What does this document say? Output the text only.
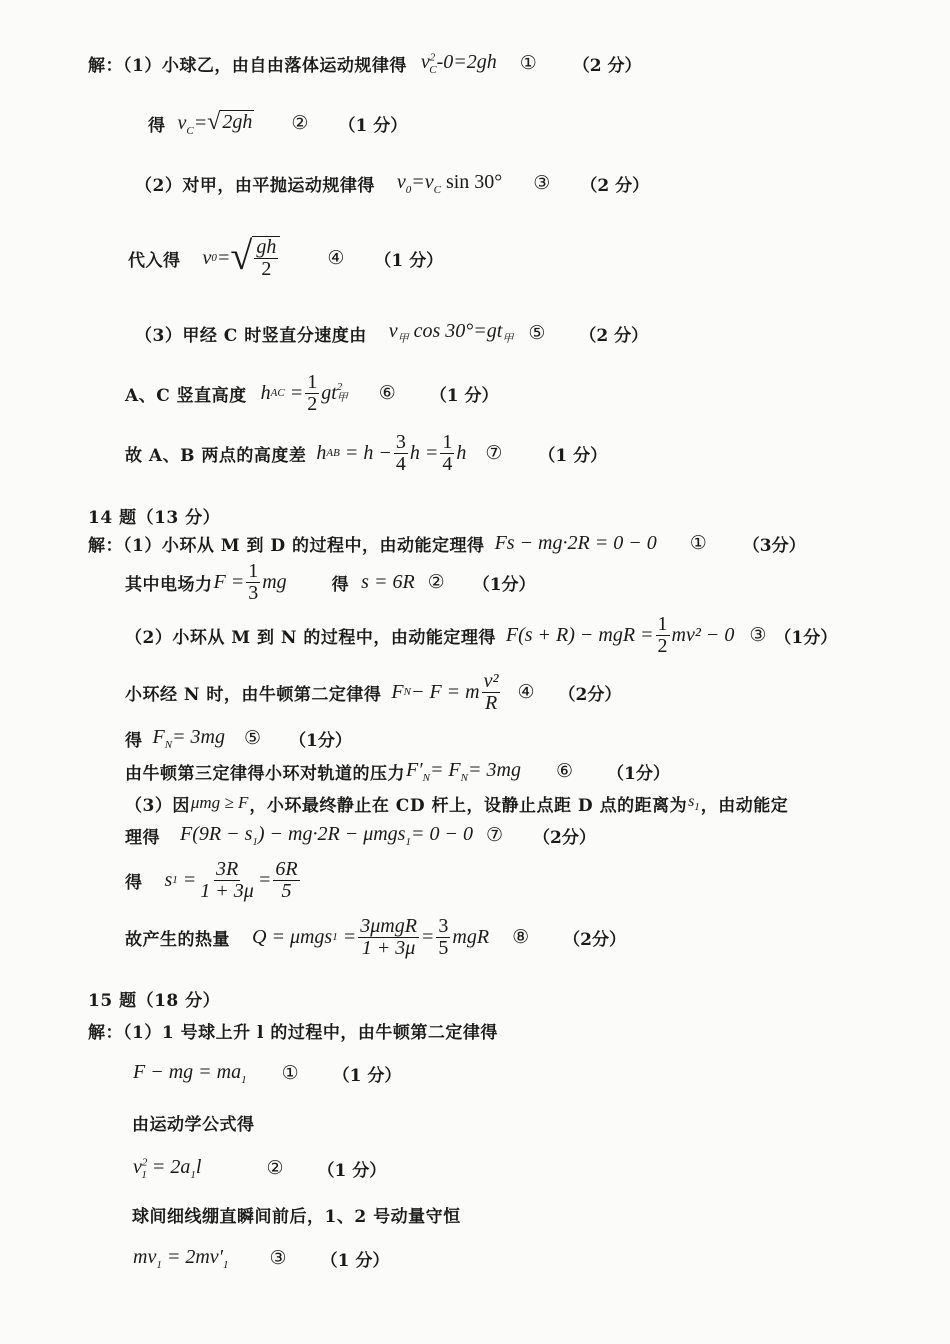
解：（1）小球乙，由自由落体运动规律得 $v^2_C-0=2gh$ ① （2 分）
得 $v_C=$ √ 2gh ② （1 分）
（2）对甲，由平抛运动规律得 $v_0=v_C$ sin 30° ③ （2 分）
代入得 v 0 = √ $\frac{gh}{2}$ ④ （1 分）
（3）甲经 C 时竖直分速度由 $v_甲$ $\cos 30^\circ=gt_甲$ ⑤ （2 分）
A、C 竖直高度 h AC
= $\frac{1}{2}$ gt 2
甲 ⑥ （1 分）
故 A、B 两点的高度差 h AB
= $h - \frac{3}{4}$ $h = \frac{1}{4}$ h ⑦ （1 分）
14 题（13 分）
解：（1）小环从 M 到 D 的过程中，由动能定理得 Fs − mg·2R = 0 − 0 ① （3分）
其中电场力 $F = \frac{1}{3}$ mg	得 s = 6R ② （1分）
（2）小环从 M 到 N 的过程中，由动能定理得 F(s + R) − mgR = $\frac{1}{2} mv^2 - 0$ ③ （1分）
小环经 N 时，由牛顿第二定律得 F N − F = m $\frac{\text{v²}}{R}$ ④ （2分）
得 $F_N= 3mg$ ⑤ （1分）
由牛顿第三定律得小环对轨道的压力 $F'_N= F_N= 3mg$ ⑥ （1分）
（3）因 μmg ≥ F ，小环最终静止在 CD 杆上，设静止点距 D 点的距离为 $s_1$ ，由动能定
理得 $F(9R - s_1) - mg\cdot 2R - \mu mgs_1= 0 - 0$ ⑦ （2分）
得 s 1
= $\frac{3R}{1 + 3\mu} = \frac{6R}{5}$
故产生的热量 Q = μmgs 1
= $\frac{\text{3μmgR}}{1 + 3\mu} = \frac{3}{5}$ mgR ⑧ （2分）
15 题（18 分）
解：（1）1 号球上升 l 的过程中，由牛顿第二定律得
F − mg = $ma_1$ ① （1 分）
由运动学公式得
$v^2_1 = 2a_1l$	② （1 分）
球间细线绷直瞬间前后，1、2 号动量守恒
$mv_1 = 2mv'_1$ ③ （1 分）
